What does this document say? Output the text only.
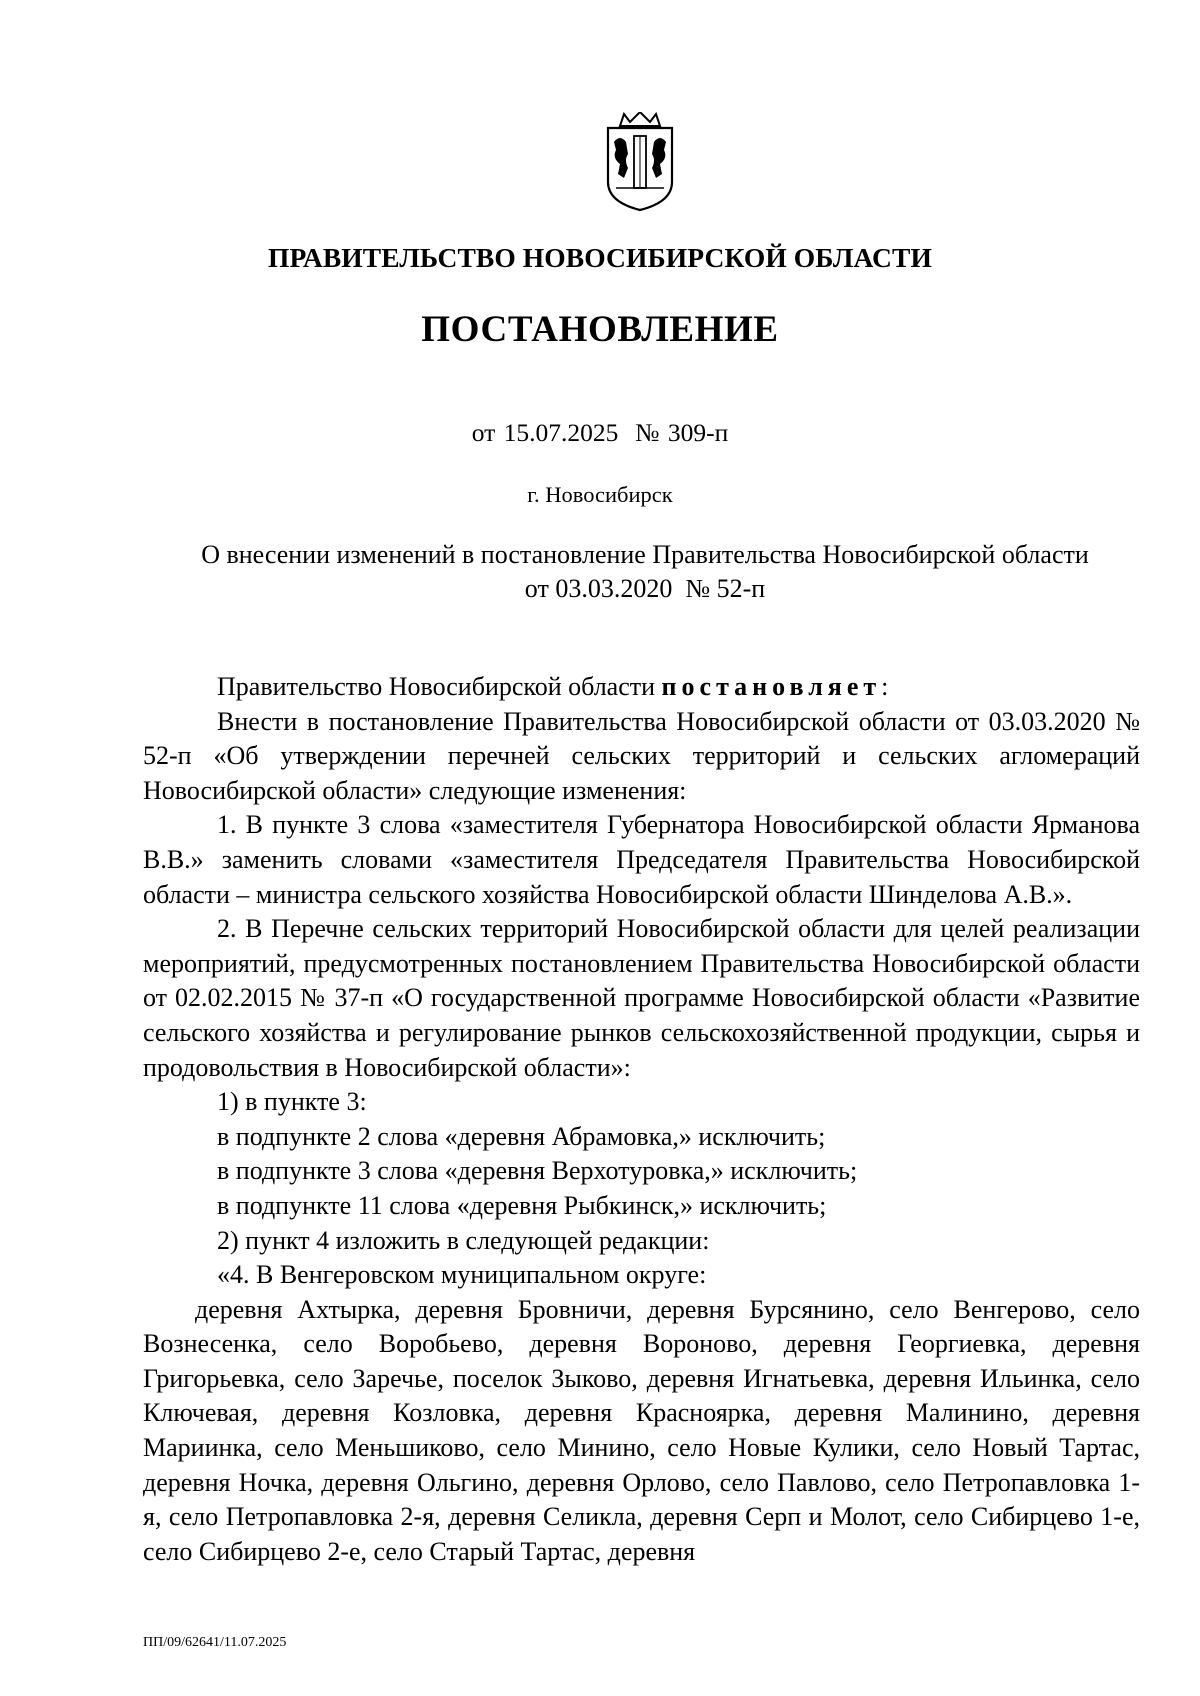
ПРАВИТЕЛЬСТВО НОВОСИБИРСКОЙ ОБЛАСТИ
ПОСТАНОВЛЕНИЕ
от 15.07.2025  № 309-п
г. Новосибирск
О внесении изменений в постановление Правительства Новосибирской области
от 03.03.2020  № 52-п

Правительство Новосибирской области постановляет:

Внести в постановление Правительства Новосибирской области от 03.03.2020 № 52-п «Об утверждении перечней сельских территорий и сельских агломераций Новосибирской области» следующие изменения:

1. В пункте 3 слова «заместителя Губернатора Новосибирской области Ярманова В.В.» заменить словами «заместителя Председателя Правительства Новосибирской области – министра сельского хозяйства Новосибирской области Шинделова А.В.».

2. В Перечне сельских территорий Новосибирской области для целей реализации мероприятий, предусмотренных постановлением Правительства Новосибирской области от 02.02.2015 № 37-п «О государственной программе Новосибирской области «Развитие сельского хозяйства и регулирование рынков сельскохозяйственной продукции, сырья и продовольствия в Новосибирской области»:

1) в пункте 3:

в подпункте 2 слова «деревня Абрамовка,» исключить;

в подпункте 3 слова «деревня Верхотуровка,» исключить;

в подпункте 11 слова «деревня Рыбкинск,» исключить;

2) пункт 4 изложить в следующей редакции:

«4. В Венгеровском муниципальном округе:

деревня Ахтырка, деревня Бровничи, деревня Бурсянино, село Венгерово, село Вознесенка, село Воробьево, деревня Вороново, деревня Георгиевка, деревня Григорьевка, село Заречье, поселок Зыково, деревня Игнатьевка, деревня Ильинка, село Ключевая, деревня Козловка, деревня Красноярка, деревня Малинино, деревня Мариинка, село Меньшиково, село Минино, село Новые Кулики, село Новый Тартас, деревня Ночка, деревня Ольгино, деревня Орлово, село Павлово, село Петропавловка 1-я, село Петропавловка 2-я, деревня Селикла, деревня Серп и Молот, село Сибирцево 1-е, село Сибирцево 2-е, село Старый Тартас, деревня

ПП/09/62641/11.07.2025
